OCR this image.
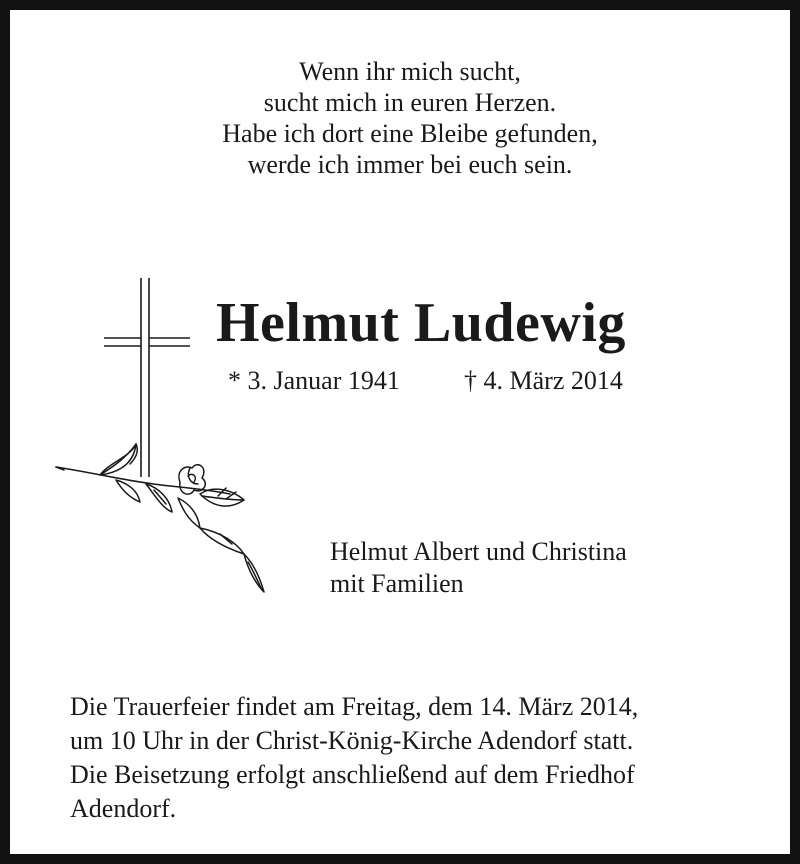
Wenn ihr mich sucht,
sucht mich in euren Herzen.
Habe ich dort eine Bleibe gefunden,
werde ich immer bei euch sein.
Helmut Ludewig
* 3. Januar 1941 † 4. März 2014
Helmut Albert und Christina
mit Familien
Die Trauerfeier findet am Freitag, dem 14. März 2014,
um 10 Uhr in der Christ-König-Kirche Adendorf statt.
Die Beisetzung erfolgt anschließend auf dem Friedhof
Adendorf.
